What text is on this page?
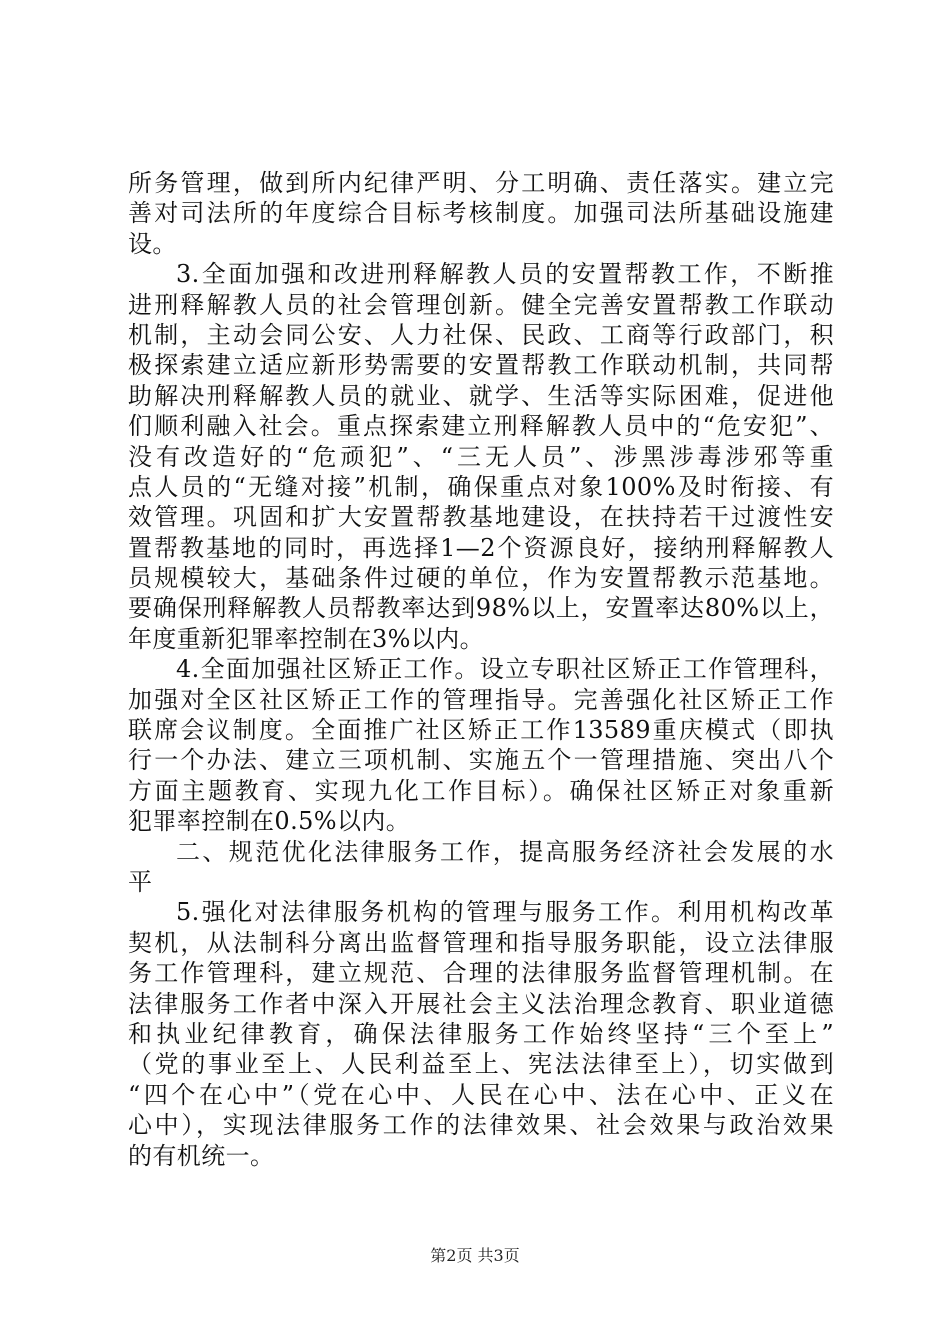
所务管理，做到所内纪律严明、分工明确、责任落实。建立完
善对司法所的年度综合目标考核制度。加强司法所基础设施建
设。
3.全面加强和改进刑释解教人员的安置帮教工作，不断推
进刑释解教人员的社会管理创新。健全完善安置帮教工作联动
机制，主动会同公安、人力社保、民政、工商等行政部门，积
极探索建立适应新形势需要的安置帮教工作联动机制，共同帮
助解决刑释解教人员的就业、就学、生活等实际困难，促进他
们顺利融入社会。重点探索建立刑释解教人员中的“危安犯”、
没有改造好的“危顽犯”、“三无人员”、涉黑涉毒涉邪等重
点人员的“无缝对接”机制，确保重点对象100%及时衔接、有
效管理。巩固和扩大安置帮教基地建设，在扶持若干过渡性安
置帮教基地的同时，再选择1—2个资源良好，接纳刑释解教人
员规模较大，基础条件过硬的单位，作为安置帮教示范基地。
要确保刑释解教人员帮教率达到98%以上，安置率达80%以上，
年度重新犯罪率控制在3%以内。
4.全面加强社区矫正工作。设立专职社区矫正工作管理科，
加强对全区社区矫正工作的管理指导。完善强化社区矫正工作
联席会议制度。全面推广社区矫正工作13589重庆模式（即执
行一个办法、建立三项机制、实施五个一管理措施、突出八个
方面主题教育、实现九化工作目标）。确保社区矫正对象重新
犯罪率控制在0.5%以内。
二、规范优化法律服务工作，提高服务经济社会发展的水
平
5.强化对法律服务机构的管理与服务工作。利用机构改革
契机，从法制科分离出监督管理和指导服务职能，设立法律服
务工作管理科，建立规范、合理的法律服务监督管理机制。在
法律服务工作者中深入开展社会主义法治理念教育、职业道德
和执业纪律教育，确保法律服务工作始终坚持“三个至上”
（党的事业至上、人民利益至上、宪法法律至上），切实做到
“四个在心中”（党在心中、人民在心中、法在心中、正义在
心中），实现法律服务工作的法律效果、社会效果与政治效果
的有机统一。
第2页 共3页
